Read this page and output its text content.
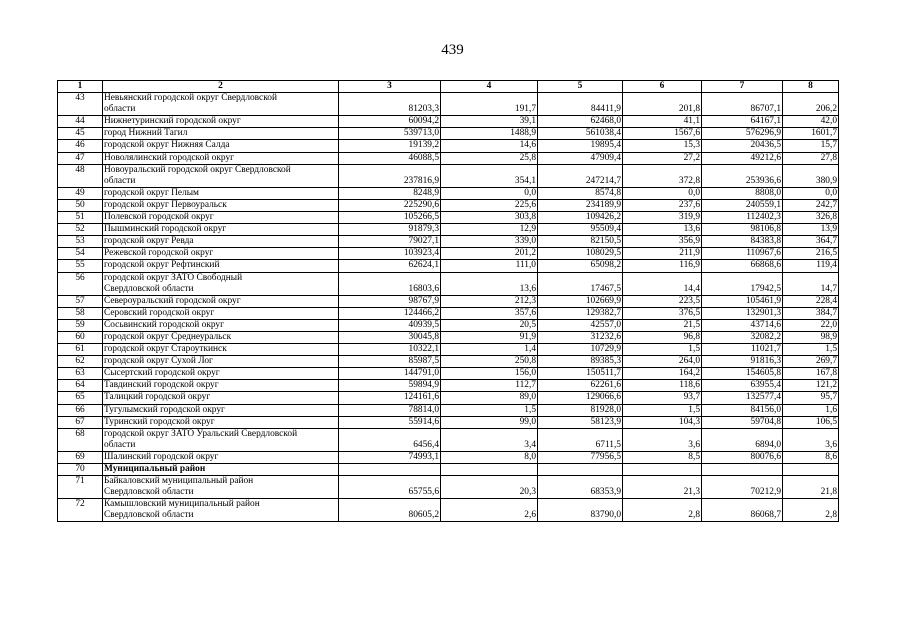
439
1	2	3	4	5	6	7	8
43	Невьянский городской округ Свердловской
области	81203,3	191,7	84411,9	201,8	86707,1	206,2
44	Нижнетуринский городской округ	60094,2	39,1	62468,0	41,1	64167,1	42,0
45	город Нижний Тагил	539713,0	1488,9	561038,4	1567,6	576296,9	1601,7
46	городской округ Нижняя Салда	19139,2	14,6	19895,4	15,3	20436,5	15,7
47	Новолялинский городской округ	46088,5	25,8	47909,4	27,2	49212,6	27,8
48	Новоуральский городской округ Свердловской
области	237816,9	354,1	247214,7	372,8	253936,6	380,9
49	городской округ Пелым	8248,9	0,0	8574,8	0,0	8808,0	0,0
50	городской округ Первоуральск	225290,6	225,6	234189,9	237,6	240559,1	242,7
51	Полевской городской округ	105266,5	303,8	109426,2	319,9	112402,3	326,8
52	Пышминский городской округ	91879,3	12,9	95509,4	13,6	98106,8	13,9
53	городской округ Ревда	79027,1	339,0	82150,5	356,9	84383,8	364,7
54	Режевской городской округ	103923,4	201,2	108029,5	211,9	110967,6	216,5
55	городской округ Рефтинский	62624,1	111,0	65098,2	116,9	66868,6	119,4
56	городской округ ЗАТО Свободный
Свердловской области	16803,6	13,6	17467,5	14,4	17942,5	14,7
57	Североуральский городской округ	98767,9	212,3	102669,9	223,5	105461,9	228,4
58	Серовский городской округ	124466,2	357,6	129382,7	376,5	132901,3	384,7
59	Сосьвинский городской округ	40939,5	20,5	42557,0	21,5	43714,6	22,0
60	городской округ Среднеуральск	30045,8	91,9	31232,6	96,8	32082,2	98,9
61	городской округ Староуткинск	10322,1	1,4	10729,9	1,5	11021,7	1,5
62	городской округ Сухой Лог	85987,5	250,8	89385,3	264,0	91816,3	269,7
63	Сысертский городской округ	144791,0	156,0	150511,7	164,2	154605,8	167,8
64	Тавдинский городской округ	59894,9	112,7	62261,6	118,6	63955,4	121,2
65	Талицкий городской округ	124161,6	89,0	129066,6	93,7	132577,4	95,7
66	Тугулымский городской округ	78814,0	1,5	81928,0	1,5	84156,0	1,6
67	Туринский городской округ	55914,6	99,0	58123,9	104,3	59704,8	106,5
68	городской округ ЗАТО Уральский Свердловской
области	6456,4	3,4	6711,5	3,6	6894,0	3,6
69	Шалинский городской округ	74993,1	8,0	77956,5	8,5	80076,6	8,6
70	Муниципальный район						

71	Байкаловский муниципальный район
Свердловской области	65755,6	20,3	68353,9	21,3	70212,9	21,8
72	Камышловский муниципальный район
Свердловской области	80605,2	2,6	83790,0	2,8	86068,7	2,8
